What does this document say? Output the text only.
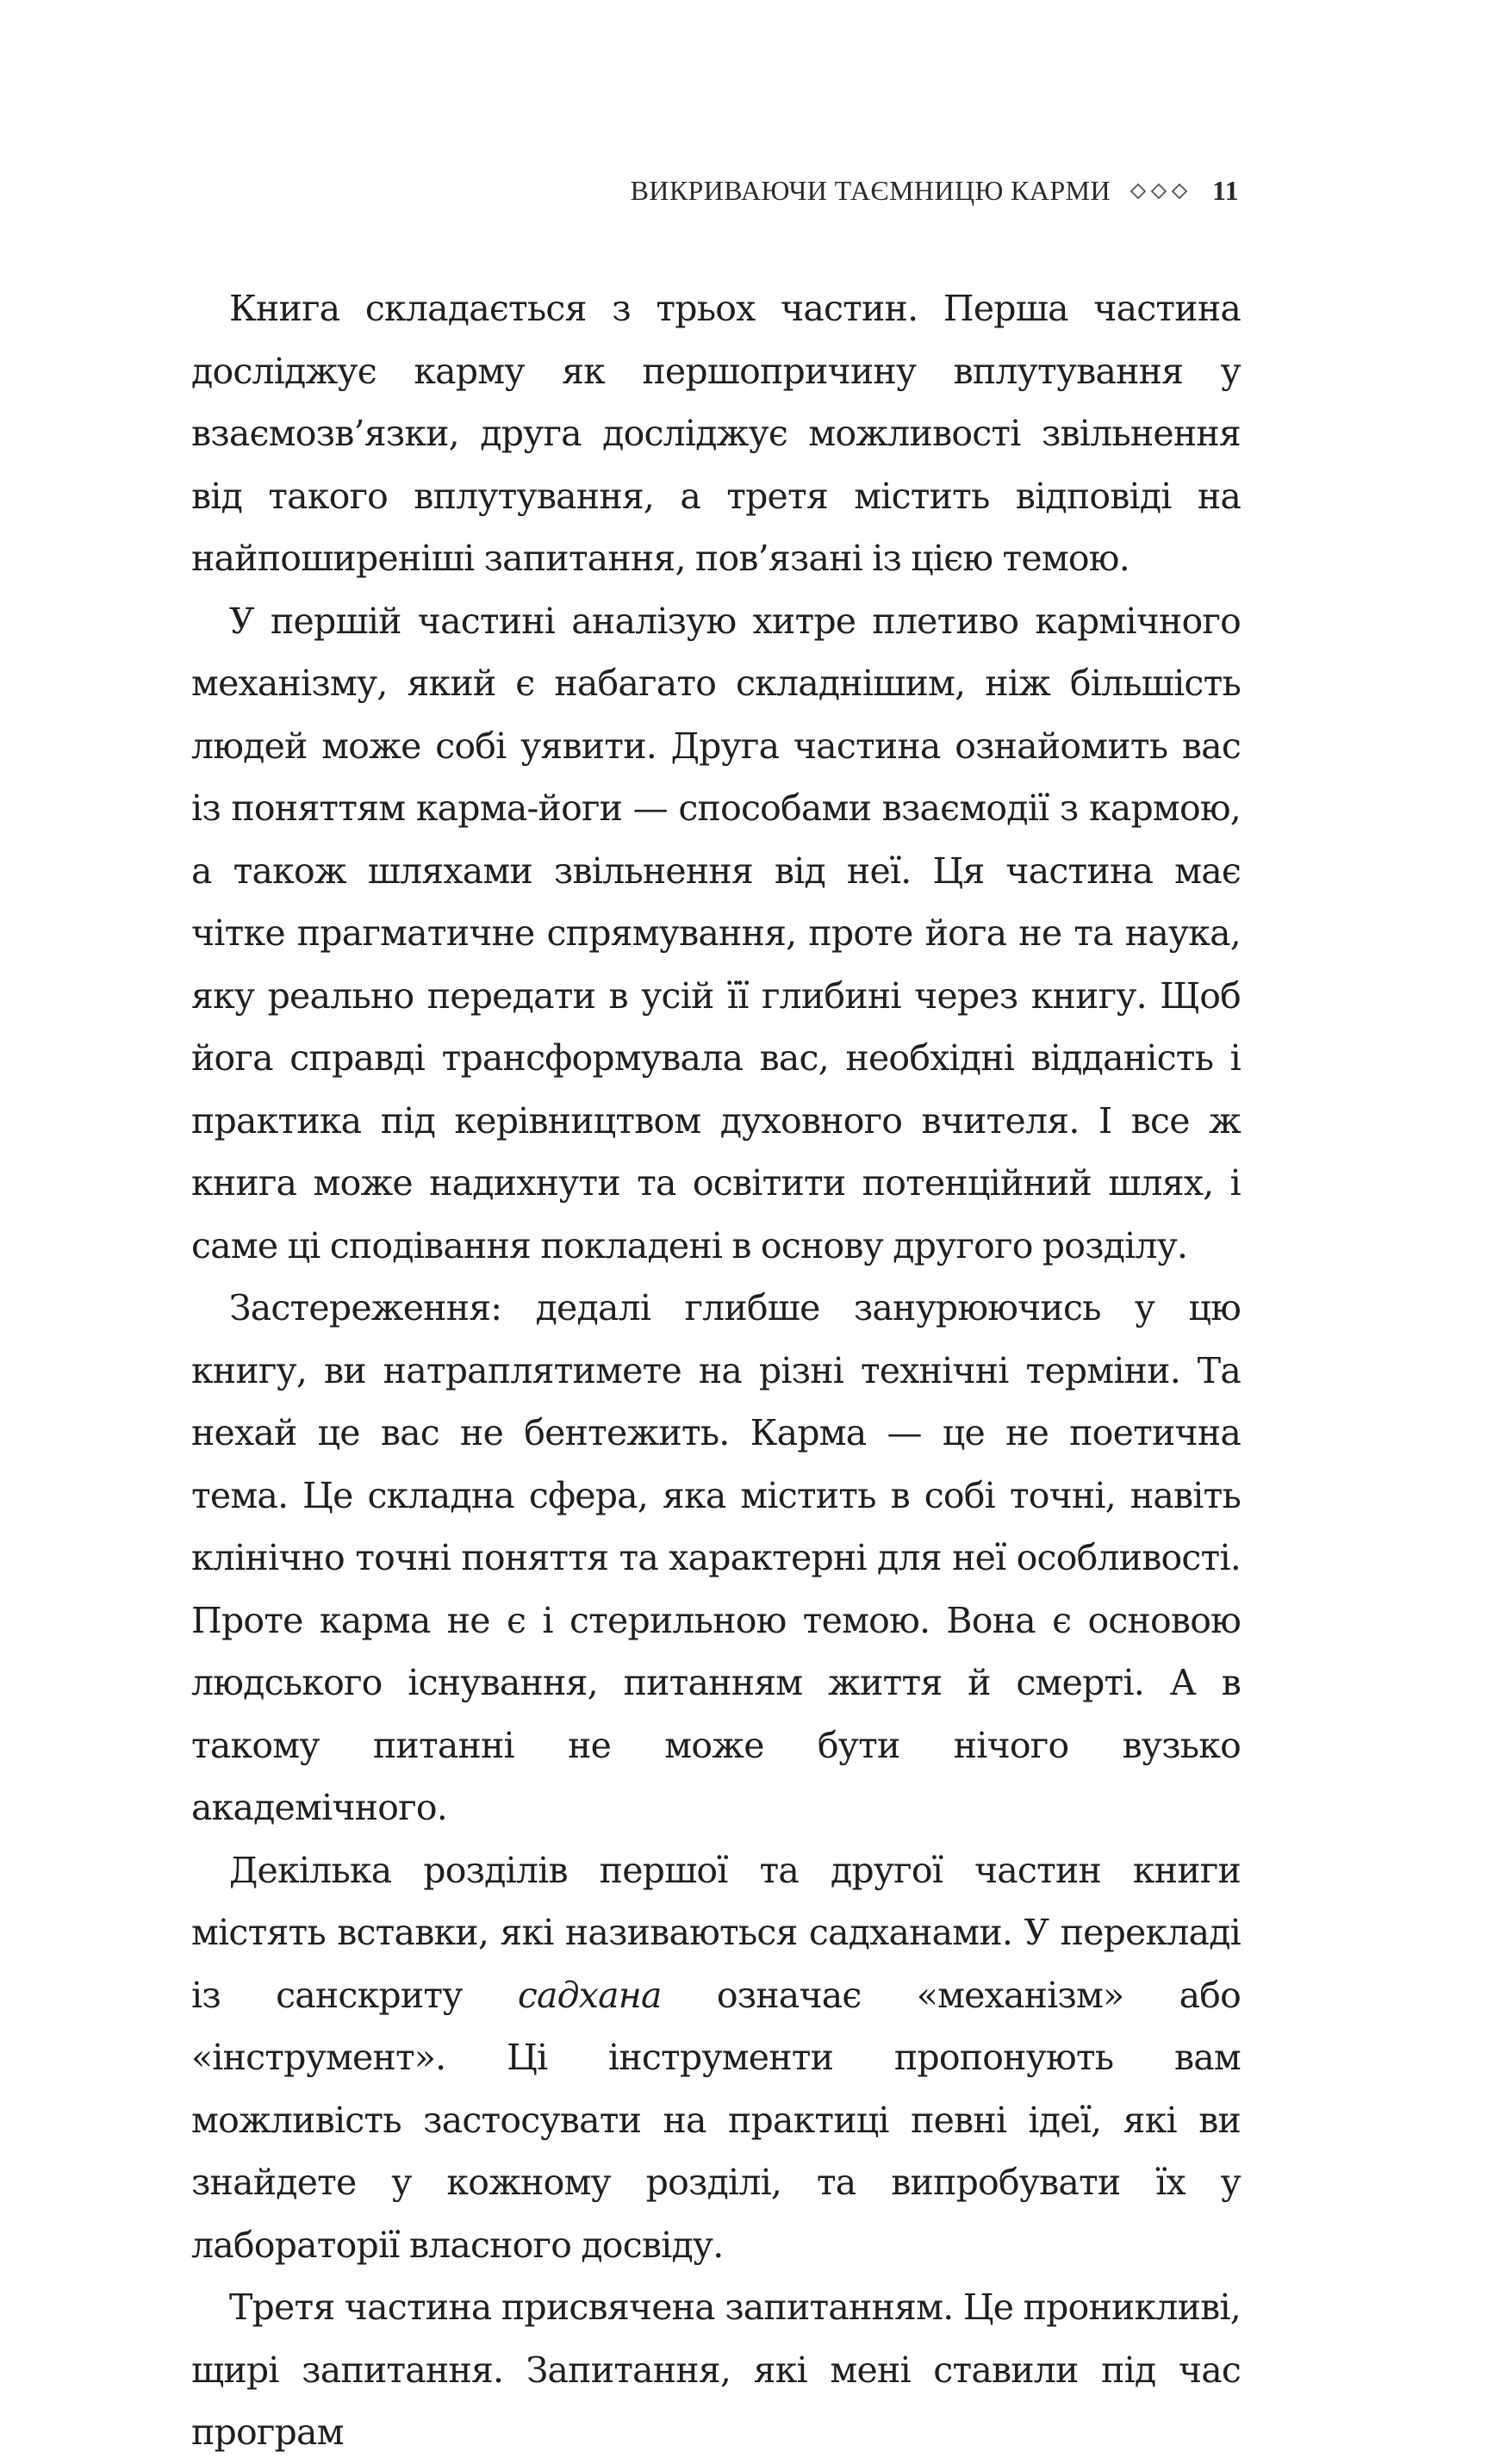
ВИКРИВАЮЧИ ТАЄМНИЦЮ КАРМИ	11

Книга складається з трьох частин. Перша частина досліджує карму як першопричину вплутування у взаємозв’язки, друга досліджує можливості звільнення від такого вплутування, а третя містить відповіді на найпоширеніші запитання, пов’язані із цією темою.

У першій частині аналізую хитре плетиво кармічного механізму, який є набагато складнішим, ніж більшість людей може собі уявити. Друга частина ознайомить вас із поняттям карма-йоги — способами взаємодії з кармою, а також шляхами звільнення від неї. Ця частина має чітке прагматичне спрямування, проте йога не та наука, яку реально передати в усій її глибині через книгу. Щоб йога справді трансформувала вас, необхідні відданість і практика під керівництвом духовного вчителя. І все ж книга може надихнути та освітити потенційний шлях, і саме ці сподівання покладені в основу другого розділу.

Застереження: дедалі глибше занурюючись у цю книгу, ви натраплятимете на різні технічні терміни. Та нехай це вас не бентежить. Карма — це не поетична тема. Це складна сфера, яка містить в собі точні, навіть клінічно точні поняття та характерні для неї особливості. Проте карма не є і стерильною темою. Вона є основою людського існування, питанням життя й смерті. А в такому питанні не може бути нічого вузько академічного.

Декілька розділів першої та другої частин книги містять вставки, які називаються садханами. У перекладі із санскриту садхана означає «механізм» або «інструмент». Ці інструменти пропонують вам можливість застосувати на практиці певні ідеї, які ви знайдете у кожному розділі, та випробувати їх у лабораторії власного досвіду.

Третя частина присвячена запитанням. Це проникливі, щирі запитання. Запитання, які мені ставили під час програм
